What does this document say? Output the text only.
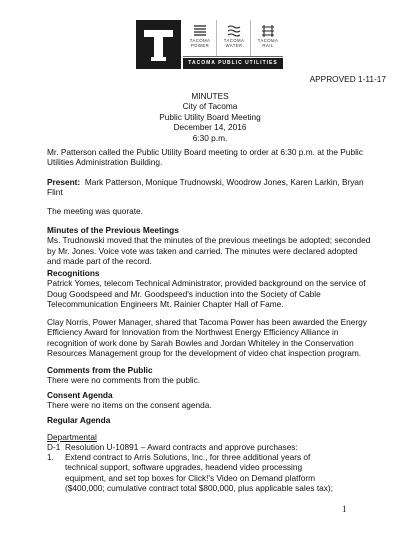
TACOMA
POWER
TACOMA
WATER
TACOMA
RAIL
TACOMA PUBLIC UTILITIES
APPROVED 1-11-17
MINUTES
City of Tacoma
Public Utility Board Meeting
December 14, 2016
6:30 p.m.
Mr. Patterson called the Public Utility Board meeting to order at 6:30 p.m. at the Public
Utilities Administration Building.
Present:  Mark Patterson, Monique Trudnowski, Woodrow Jones, Karen Larkin, Bryan
Flint
The meeting was quorate.
Minutes of the Previous Meetings
Ms. Trudnowski moved that the minutes of the previous meetings be adopted; seconded
by Mr. Jones. Voice vote was taken and carried. The minutes were declared adopted
and made part of the record.
Recognitions
Patrick Yomes, telecom Technical Administrator, provided background on the service of
Doug Goodspeed and Mr. Goodspeed's induction into the Society of Cable
Telecommunication Engineers Mt. Rainier Chapter Hall of Fame.
Clay Norris, Power Manager, shared that Tacoma Power has been awarded the Energy
Efficiency Award for Innovation from the Northwest Energy Efficiency Alliance in
recognition of work done by Sarah Bowles and Jordan Whiteley in the Conservation
Resources Management group for the development of video chat inspection program.
Comments from the Public
There were no comments from the public.
Consent Agenda
There were no items on the consent agenda.
Regular Agenda
Departmental
D-1 Resolution U-10891 – Award contracts and approve purchases:
1. Extend contract to Arris Solutions, Inc., for three additional years of
technical support, software upgrades, headend video processing
equipment, and set top boxes for Click!'s Video on Demand platform
($400,000; cumulative contract total $800,000, plus applicable sales tax);
1
